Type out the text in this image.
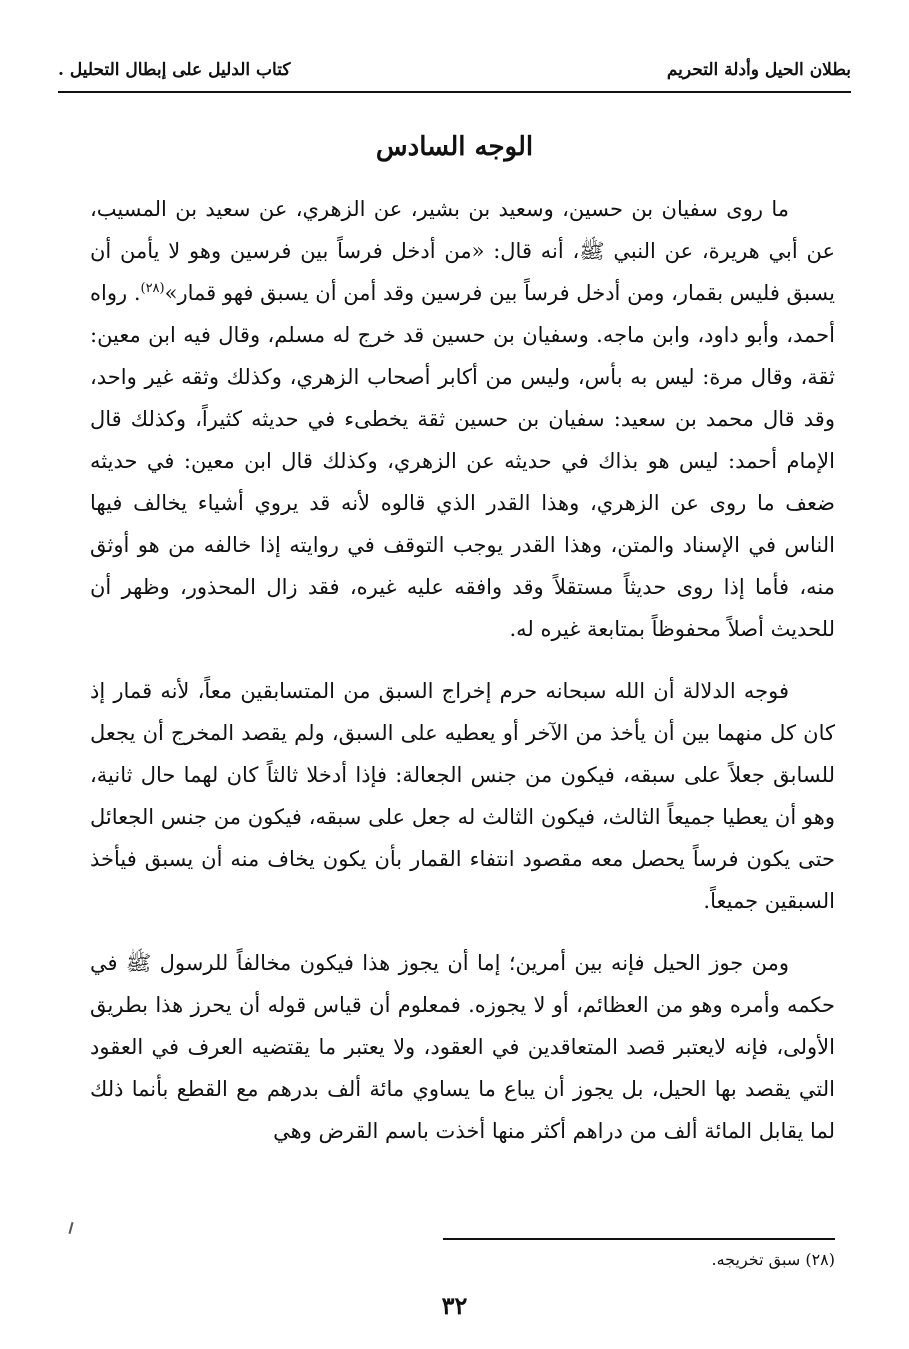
بطلان الحيل وأدلة التحريم
كتاب الدليل على إبطال التحليل .
الوجه السادس

ما روى سفيان بن حسين، وسعيد بن بشير، عن الزهري، عن سعيد بن المسيب، عن أبي هريرة، عن النبي ﷺ، أنه قال: «من أدخل فرساً بين فرسين وهو لا يأمن أن يسبق فليس بقمار، ومن أدخل فرساً بين فرسين وقد أمن أن يسبق فهو قمار»$^{(٢٨)}$. رواه أحمد، وأبو داود، وابن ماجه. وسفيان بن حسين قد خرج له مسلم، وقال فيه ابن معين: ثقة، وقال مرة: ليس به بأس، وليس من أكابر أصحاب الزهري، وكذلك وثقه غير واحد، وقد قال محمد بن سعيد: سفيان بن حسين ثقة يخطىء في حديثه كثيراً، وكذلك قال الإمام أحمد: ليس هو بذاك في حديثه عن الزهري، وكذلك قال ابن معين: في حديثه ضعف ما روى عن الزهري، وهذا القدر الذي قالوه لأنه قد يروي أشياء يخالف فيها الناس في الإسناد والمتن، وهذا القدر يوجب التوقف في روايته إذا خالفه من هو أوثق منه، فأما إذا روى حديثاً مستقلاً وقد وافقه عليه غيره، فقد زال المحذور، وظهر أن للحديث أصلاً محفوظاً بمتابعة غيره له.

فوجه الدلالة أن الله سبحانه حرم إخراج السبق من المتسابقين معاً، لأنه قمار إذ كان كل منهما بين أن يأخذ من الآخر أو يعطيه على السبق، ولم يقصد المخرج أن يجعل للسابق جعلاً على سبقه، فيكون من جنس الجعالة: فإذا أدخلا ثالثاً كان لهما حال ثانية، وهو أن يعطيا جميعاً الثالث، فيكون الثالث له جعل على سبقه، فيكون من جنس الجعائل حتى يكون فرساً يحصل معه مقصود انتفاء القمار بأن يكون يخاف منه أن يسبق فيأخذ السبقين جميعاً.

ومن جوز الحيل فإنه بين أمرين؛ إما أن يجوز هذا فيكون مخالفاً للرسول ﷺ في حكمه وأمره وهو من العظائم، أو لا يجوزه. فمعلوم أن قياس قوله أن يحرز هذا بطريق الأولى، فإنه لايعتبر قصد المتعاقدين في العقود، ولا يعتبر ما يقتضيه العرف في العقود التي يقصد بها الحيل، بل يجوز أن يباع ما يساوي مائة ألف بدرهم مع القطع بأنما ذلك لما يقابل المائة ألف من دراهم أكثر منها أخذت باسم القرض وهي

(٢٨) سبق تخريجه.
٣٢
